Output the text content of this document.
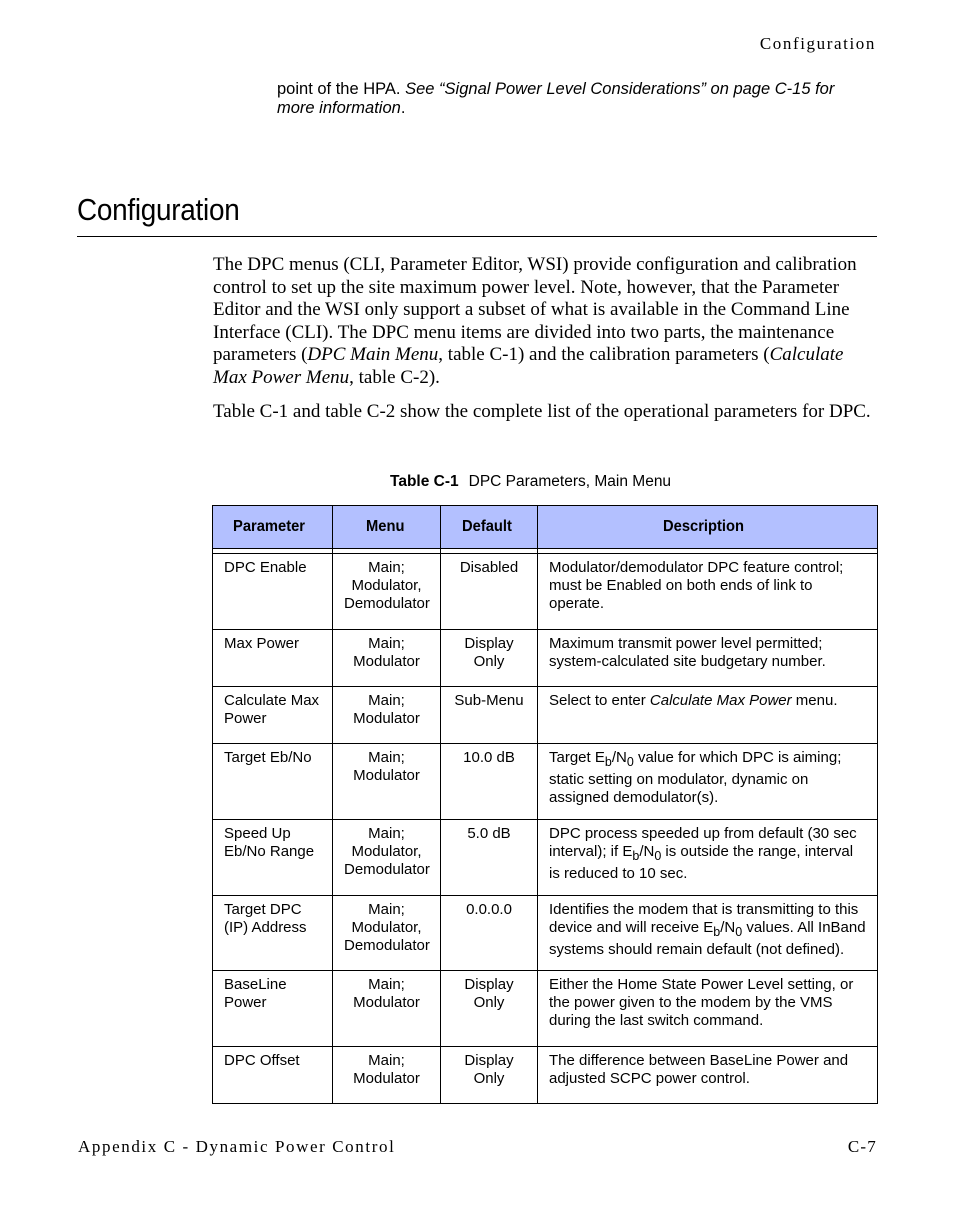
Configuration
point of the HPA. See “Signal Power Level Considerations” on page C-15 for more information.
Configuration
The DPC menus (CLI, Parameter Editor, WSI) provide configuration and calibration control to set up the site maximum power level. Note, however, that the Parameter Editor and the WSI only support a subset of what is available in the Command Line Interface (CLI). The DPC menu items are divided into two parts, the maintenance parameters (DPC Main Menu, table C-1) and the calibration parameters (Calculate Max Power Menu, table C-2).
Table C-1 and table C-2 show the complete list of the operational parameters for DPC.
Table C-1 DPC Parameters, Main Menu
Parameter	Menu	Default	Description

DPC Enable	Main; Modulator, Demodulator	Disabled	Modulator/demodulator DPC feature control; must be Enabled on both ends of link to operate.
Max Power	Main; Modulator	Display Only	Maximum transmit power level permitted; system-calculated site budgetary number.
Calculate Max Power	Main; Modulator	Sub-Menu	Select to enter Calculate Max Power menu.
Target Eb/No	Main; Modulator	10.0 dB	Target $E_b/N_0$ value for which DPC is aiming; static setting on modulator, dynamic on assigned demodulator(s).
Speed Up Eb/No Range	Main; Modulator, Demodulator	5.0 dB	DPC process speeded up from default (30 sec interval); if $E_b/N_0$ is outside the range, interval is reduced to 10 sec.
Target DPC (IP) Address	Main; Modulator, Demodulator	0.0.0.0	Identifies the modem that is transmitting to this device and will receive $E_b/N_0$ values. All InBand systems should remain default (not defined).
BaseLine Power	Main; Modulator	Display Only	Either the Home State Power Level setting, or the power given to the modem by the VMS during the last switch command.
DPC Offset	Main; Modulator	Display Only	The difference between BaseLine Power and adjusted SCPC power control.
Appendix C - Dynamic Power Control	C-7
